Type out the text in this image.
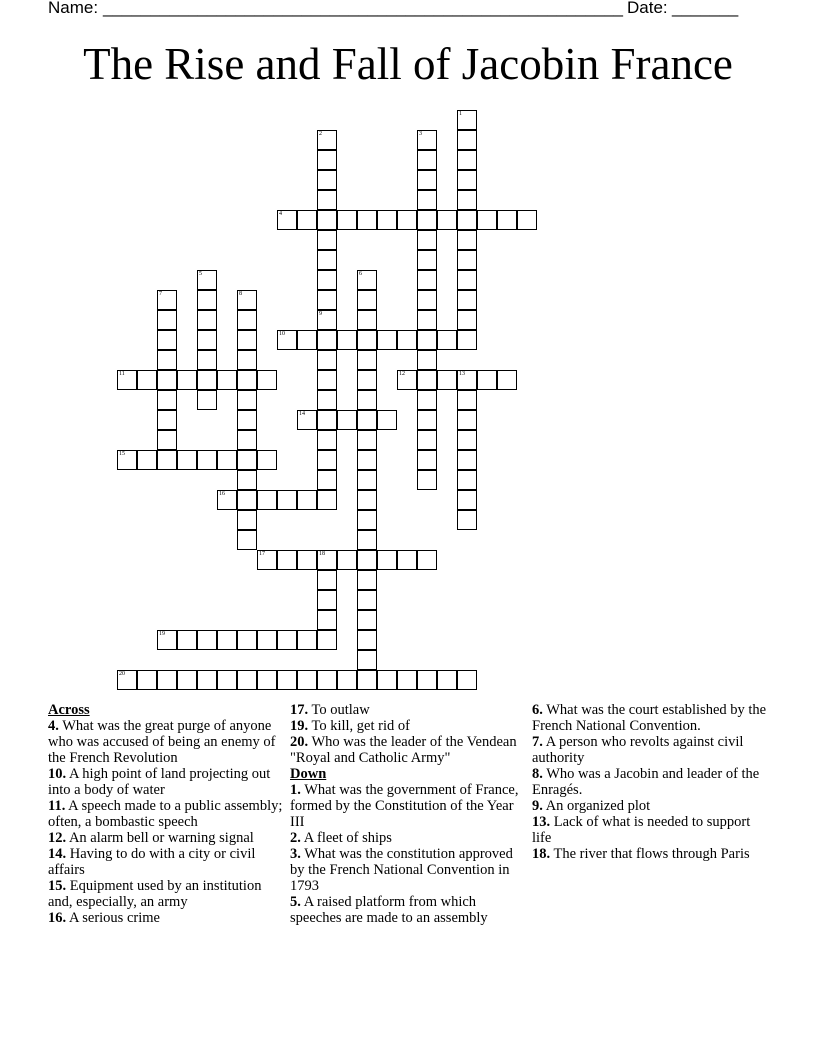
Name: _______________________________________________________ Date: _______
The Rise and Fall of Jacobin France
1
2	3
4
5	6
7	8
9
10
11	12	13
14
15
16
17	18
19
20
Across
4. What was the great purge of anyone who was accused of being an enemy of the French Revolution
10. A high point of land projecting out into a body of water
11. A speech made to a public assembly; often, a bombastic speech
12. An alarm bell or warning signal
14. Having to do with a city or civil affairs
15. Equipment used by an institution and, especially, an army
16. A serious crime
17. To outlaw
19. To kill, get rid of
20. Who was the leader of the Vendean "Royal and Catholic Army"
Down
1. What was the government of France, formed by the Constitution of the Year III
2. A fleet of ships
3. What was the constitution approved by the French National Convention in 1793
5. A raised platform from which speeches are made to an assembly
6. What was the court established by the French National Convention.
7. A person who revolts against civil authority
8. Who was a Jacobin and leader of the Enragés.
9. An organized plot
13. Lack of what is needed to support life
18. The river that flows through Paris
